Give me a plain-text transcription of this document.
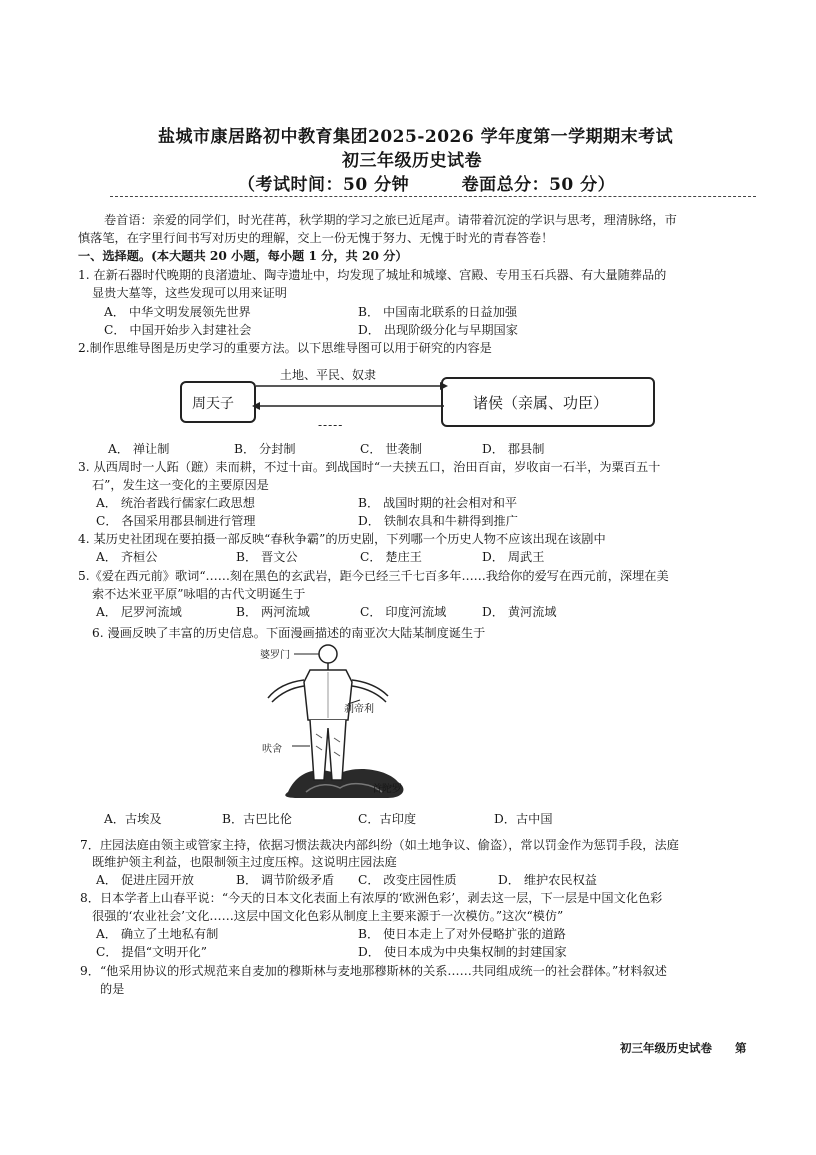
盐城市康居路初中教育集团2025-2026 学年度第一学期期末考试
初三年级历史试卷
（考试时间：50 分钟　　　卷面总分：50 分）
卷首语：亲爱的同学们，时光荏苒，秋学期的学习之旅已近尾声。请带着沉淀的学识与思考，理清脉络，市
慎落笔，在字里行间书写对历史的理解，交上一份无愧于努力、无愧于时光的青春答卷！
一、选择题。(本大题共 20 小题，每小题 1 分，共 20 分）
1. 在新石器时代晚期的良渚遗址、陶寺遗址中，均发现了城址和城壕、宫殿、专用玉石兵器、有大量随葬品的
显贵大墓等，这些发现可以用来证明
A． 中华文明发展领先世界	B． 中国南北联系的日益加强
C． 中国开始步入封建社会	D． 出现阶级分化与早期国家
2.制作思维导图是历史学习的重要方法。以下思维导图可以用于研究的内容是
土地、平民、奴隶
周天子	诸侯（亲属、功臣）
-----
A． 禅让制	B． 分封制	C． 世袭制	D． 郡县制
3. 从西周时一人跖（蹠）耒而耕，不过十亩。到战国时“一夫挟五口，治田百亩，岁收亩一石半，为粟百五十
石”，发生这一变化的主要原因是
A． 统治者践行儒家仁政思想	B． 战国时期的社会相对和平
C． 各国采用郡县制进行管理	D． 铁制农具和牛耕得到推广
4. 某历史社团现在要拍摄一部反映“春秋争霸”的历史剧，下列哪一个历史人物不应该出现在该剧中
A． 齐桓公	B． 晋文公	C． 楚庄王	D． 周武王
5.《爱在西元前》歌词“……刻在黑色的玄武岩，距今已经三千七百多年……我给你的爱写在西元前，深埋在美
索不达米亚平原”咏唱的古代文明诞生于
A． 尼罗河流域	B． 两河流域	C． 印度河流域	D． 黄河流域
6. 漫画反映了丰富的历史信息。下面漫画描述的南亚次大陆某制度诞生于
婆罗门
刹帝利
吠舍
首陀罗
A．古埃及	B．古巴比伦	C．古印度	D．古中国
7．庄园法庭由领主或管家主持，依据习惯法裁决内部纠纷（如土地争议、偷盗），常以罚金作为惩罚手段，法庭
既维护领主利益，也限制领主过度压榨。这说明庄园法庭
A． 促进庄园开放	B． 调节阶级矛盾 C． 改变庄园性质	D． 维护农民权益
8．日本学者上山春平说：“今天的日本文化表面上有浓厚的‘欧洲色彩’，剥去这一层，下一层是中国文化色彩
很强的‘农业社会’文化……这层中国文化色彩从制度上主要来源于一次模仿。”这次“模仿”
A． 确立了土地私有制	B． 使日本走上了对外侵略扩张的道路
C． 提倡“文明开化”	D． 使日本成为中央集权制的封建国家
9．“他采用协议的形式规范来自麦加的穆斯林与麦地那穆斯林的关系……共同组成统一的社会群体。”材料叙述
的是
初三年级历史试卷　　第
